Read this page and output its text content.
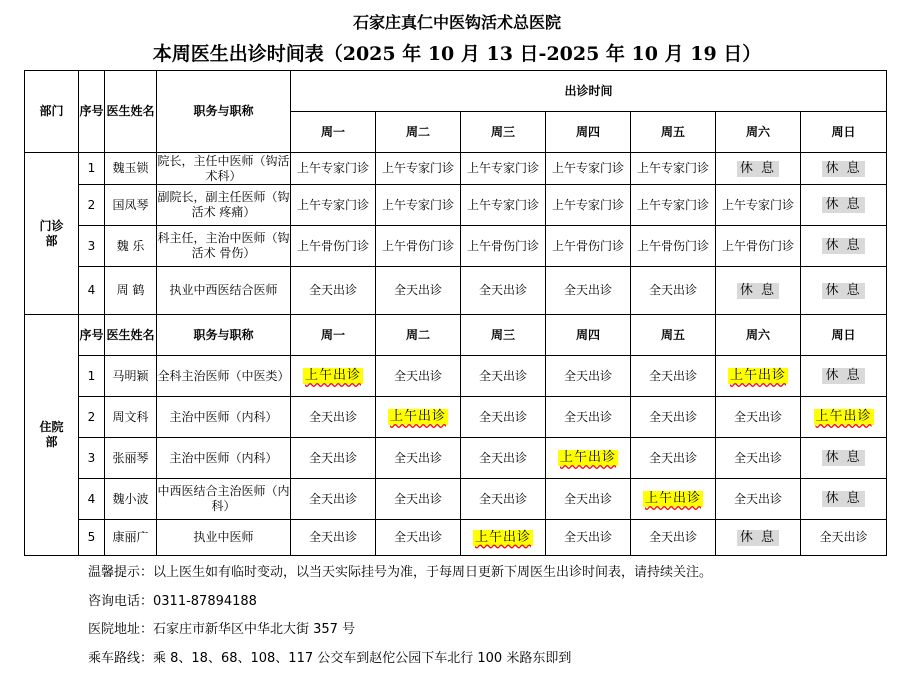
石家庄真仁中医钩活术总医院
本周医生出诊时间表（2025 年 10 月 13 日-2025 年 10 月 19 日）
部门	序号	医生姓名	职务与职称	出诊时间						
				周一	周二	周三	周四	周五	周六	周日
门诊部	1	魏玉锁	院长，主任中医师（钩活术科）	上午专家门诊	上午专家门诊	上午专家门诊	上午专家门诊	上午专家门诊	休 息	休 息
	2	国凤琴	副院长，副主任医师（钩活术 疼痛）	上午专家门诊	上午专家门诊	上午专家门诊	上午专家门诊	上午专家门诊	上午专家门诊	休 息
	3	魏 乐	科主任，主治中医师（钩活术 骨伤）	上午骨伤门诊	上午骨伤门诊	上午骨伤门诊	上午骨伤门诊	上午骨伤门诊	上午骨伤门诊	休 息
	4	周 鹤	执业中西医结合医师	全天出诊	全天出诊	全天出诊	全天出诊	全天出诊	休 息	休 息
住院部	序号	医生姓名	职务与职称	周一	周二	周三	周四	周五	周六	周日
	1	马明颖	全科主治医师（中医类）	上午出诊	全天出诊	全天出诊	全天出诊	全天出诊	上午出诊	休 息
	2	周文科	主治中医师（内科）	全天出诊	上午出诊	全天出诊	全天出诊	全天出诊	全天出诊	上午出诊
	3	张丽琴	主治中医师（内科）	全天出诊	全天出诊	全天出诊	上午出诊	全天出诊	全天出诊	休 息
	4	魏小波	中西医结合主治医师（内科）	全天出诊	全天出诊	全天出诊	全天出诊	上午出诊	全天出诊	休 息
	5	康丽广	执业中医师	全天出诊	全天出诊	上午出诊	全天出诊	全天出诊	休 息	全天出诊
温馨提示：以上医生如有临时变动，以当天实际挂号为准，于每周日更新下周医生出诊时间表，请持续关注。
咨询电话：0311-87894188
医院地址：石家庄市新华区中华北大街 357 号
乘车路线：乘 8、18、68、108、117 公交车到赵佗公园下车北行 100 米路东即到
